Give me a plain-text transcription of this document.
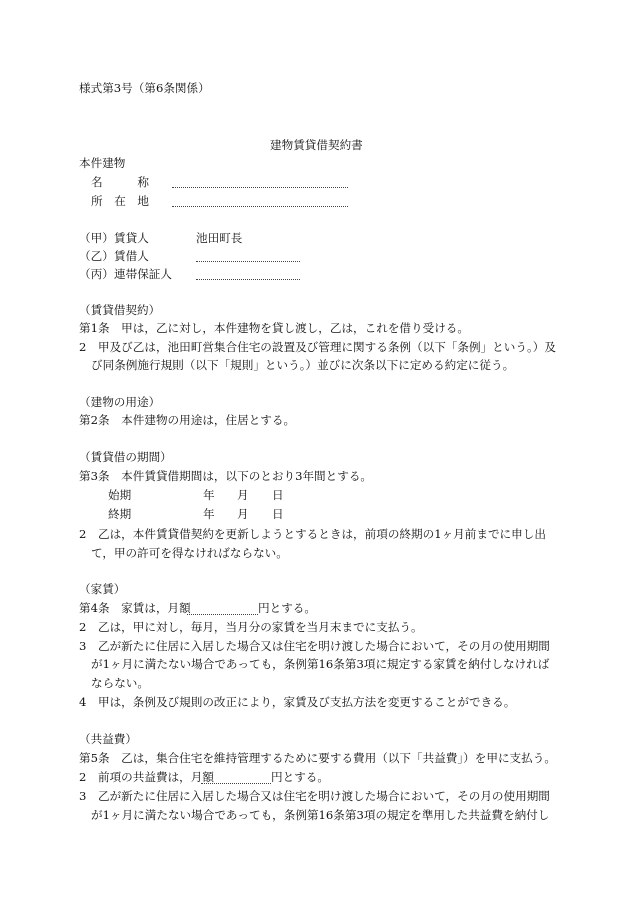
様式第3号（第6条関係）
建物賃貸借契約書
本件建物
名　　　称
所　在　地
（甲） 賃貸人	池田町長
（乙） 賃借人
（丙） 連帯保証人
（賃貸借契約）
第1条　甲は，乙に対し，本件建物を貸し渡し，乙は，これを借り受ける。
2　甲及び乙は，池田町営集合住宅の設置及び管理に関する条例（以下「条例」という。）及
び同条例施行規則（以下「規則」という。）並びに次条以下に定める約定に従う。
（建物の用途）
第2条　本件建物の用途は，住居とする。
（賃貸借の期間）
第3条　本件賃貸借期間は，以下のとおり3年間とする。
始期	年 月 日
終期	年 月 日
2　乙は，本件賃貸借契約を更新しようとするときは，前項の終期の1ヶ月前までに申し出
て，甲の許可を得なければならない。
（家賃）
第4条　家賃は，月額	円とする。
2　乙は，甲に対し，毎月，当月分の家賃を当月末までに支払う。
3　乙が新たに住居に入居した場合又は住宅を明け渡した場合において，その月の使用期間
が1ヶ月に満たない場合であっても，条例第16条第3項に規定する家賃を納付しなければ
ならない。
4　甲は，条例及び規則の改正により，家賃及び支払方法を変更することができる。
（共益費）
第5条　乙は，集合住宅を維持管理するために要する費用（以下「共益費」）を甲に支払う。
2　前項の共益費は，月額	円とする。
3　乙が新たに住居に入居した場合又は住宅を明け渡した場合において，その月の使用期間
が1ヶ月に満たない場合であっても，条例第16条第3項の規定を準用した共益費を納付し
